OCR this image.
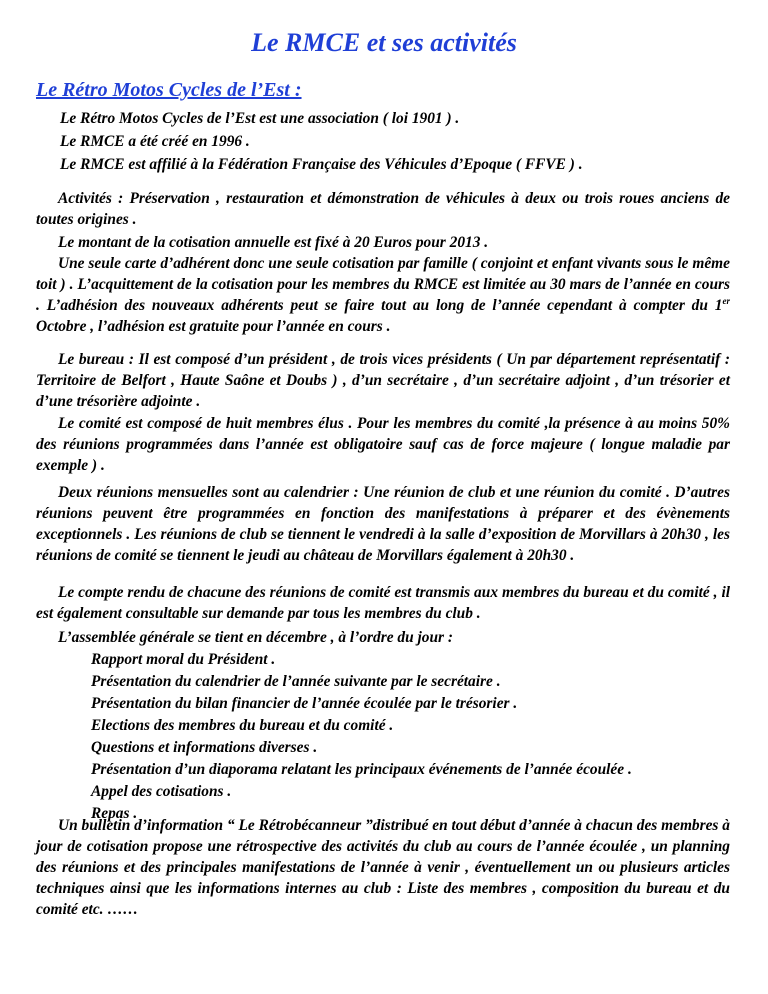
Le RMCE et ses activités
Le Rétro Motos Cycles de l’Est :
Le Rétro Motos Cycles de l’Est est une association ( loi 1901 ) .
Le RMCE a été créé en 1996 .
Le RMCE est affilié à la Fédération Française des Véhicules d’Epoque ( FFVE ) .
Activités : Préservation , restauration et démonstration de véhicules à deux ou trois roues anciens de toutes origines .
Le montant de la cotisation annuelle est fixé à 20 Euros pour 2013 .
Une seule carte d’adhérent donc une seule cotisation par famille ( conjoint et enfant vivants sous le même toit ) . L’acquittement de la cotisation pour les membres du RMCE est limitée au 30 mars de l’année en cours . L’adhésion des nouveaux adhérents peut se faire tout au long de l’année cependant à compter du 1er Octobre , l’adhésion est gratuite pour l’année en cours .
Le bureau : Il est composé d’un président , de trois vices présidents ( Un par département représentatif : Territoire de Belfort , Haute Saône et Doubs ) , d’un secrétaire , d’un secrétaire adjoint , d’un trésorier et d’une trésorière adjointe .
Le comité est composé de huit membres élus . Pour les membres du comité ,la présence à au moins 50% des réunions programmées dans l’année est obligatoire sauf cas de force majeure ( longue maladie par exemple ) .
Deux réunions mensuelles sont au calendrier : Une réunion de club et une réunion du comité . D’autres réunions peuvent être programmées en fonction des manifestations à préparer et des évènements exceptionnels . Les réunions de club se tiennent le vendredi à la salle d’exposition de Morvillars à 20h30 , les réunions de comité se tiennent le jeudi au château de Morvillars également à 20h30 .
Le compte rendu de chacune des réunions de comité est transmis aux membres du bureau et du comité , il est également consultable sur demande par tous les membres du club .
L’assemblée générale se tient en décembre , à l’ordre du jour :
Rapport moral du Président .
Présentation du calendrier de l’année suivante par le secrétaire .
Présentation du bilan financier de l’année écoulée par le trésorier .
Elections des membres du bureau et du comité .
Questions et informations diverses .
Présentation d’un diaporama relatant les principaux événements de l’année écoulée .
Appel des cotisations .
Repas .
Un bulletin d’information “ Le Rétrobécanneur ”distribué en tout début d’année à chacun des membres à jour de cotisation propose une rétrospective des activités du club au cours de l’année écoulée , un planning des réunions et des principales manifestations de l’année à venir , éventuellement un ou plusieurs articles techniques ainsi que les informations internes au club : Liste des membres , composition du bureau et du comité etc. ……
